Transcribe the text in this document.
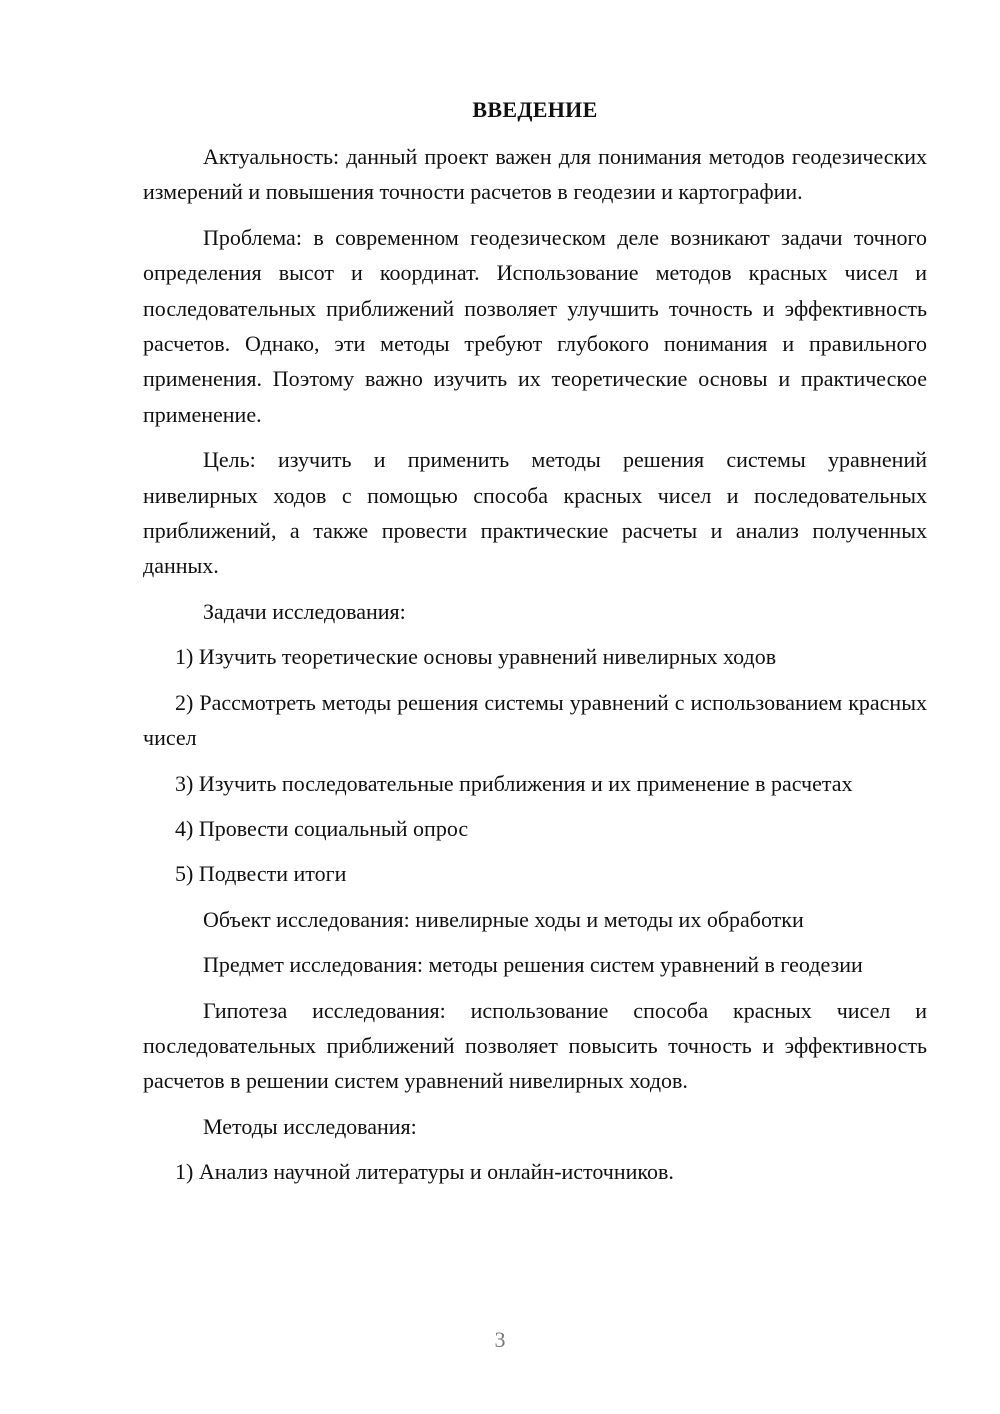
ВВЕДЕНИЕ

Актуальность: данный проект важен для понимания методов геодезических измерений и повышения точности расчетов в геодезии и картографии.

Проблема: в современном геодезическом деле возникают задачи точного определения высот и координат. Использование методов красных чисел и последовательных приближений позволяет улучшить точность и эффективность расчетов. Однако, эти методы требуют глубокого понимания и правильного применения. Поэтому важно изучить их теоретические основы и практическое применение.

Цель: изучить и применить методы решения системы уравнений нивелирных ходов с помощью способа красных чисел и последовательных приближений, а также провести практические расчеты и анализ полученных данных.

Задачи исследования:

1) Изучить теоретические основы уравнений нивелирных ходов

2) Рассмотреть методы решения системы уравнений с использованием красных чисел

3) Изучить последовательные приближения и их применение в расчетах

4) Провести социальный опрос

5) Подвести итоги

Объект исследования: нивелирные ходы и методы их обработки

Предмет исследования: методы решения систем уравнений в геодезии

Гипотеза исследования: использование способа красных чисел и последовательных приближений позволяет повысить точность и эффективность расчетов в решении систем уравнений нивелирных ходов.

Методы исследования:

1) Анализ научной литературы и онлайн-источников.

3
